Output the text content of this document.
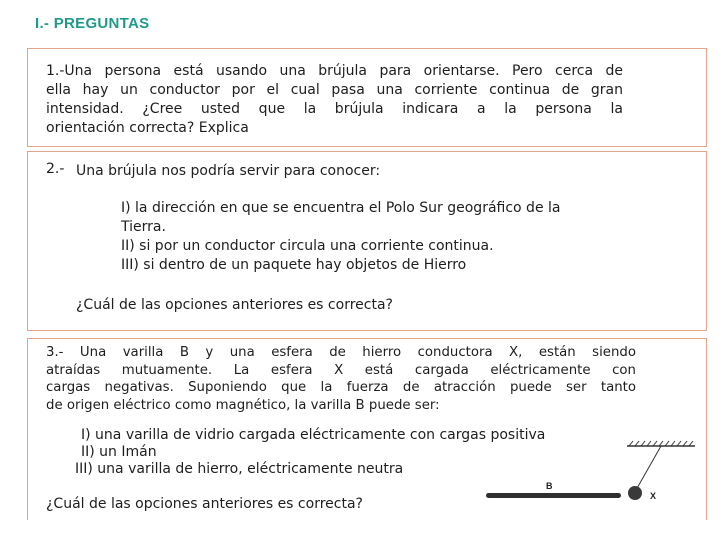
I.- PREGUNTAS
1.-Una persona está usando una brújula para orientarse. Pero cerca de
ella hay un conductor por el cual pasa una corriente continua de gran
intensidad. ¿Cree usted que la brújula indicara a la persona la
orientación correcta? Explica
2.- Una brújula nos podría servir para conocer:
I) la dirección en que se encuentra el Polo Sur geográfico de la
Tierra.
II) si por un conductor circula una corriente continua.
III) si dentro de un paquete hay objetos de Hierro
¿Cuál de las opciones anteriores es correcta?
3.- Una varilla B y una esfera de hierro conductora X, están siendo
atraídas mutuamente. La esfera X está cargada eléctricamente con
cargas negativas. Suponiendo que la fuerza de atracción puede ser tanto
de origen eléctrico como magnético, la varilla B puede ser:
I) una varilla de vidrio cargada eléctricamente con cargas positiva
II) un Imán
III) una varilla de hierro, eléctricamente neutra
¿Cuál de las opciones anteriores es correcta?	X
B
